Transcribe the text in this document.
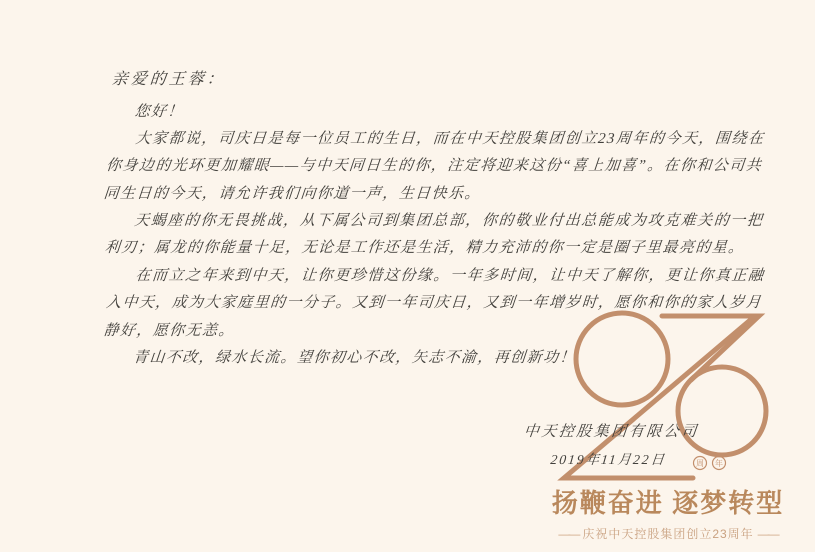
周 年
亲爱的王蓉：

您好！

大家都说，司庆日是每一位员工的生日，而在中天控股集团创立23周年的今天，围绕在你身边的光环更加耀眼——与中天同日生的你，注定将迎来这份“喜上加喜”。在你和公司共同生日的今天，请允许我们向你道一声，生日快乐。

天蝎座的你无畏挑战，从下属公司到集团总部，你的敬业付出总能成为攻克难关的一把利刃；属龙的你能量十足，无论是工作还是生活，精力充沛的你一定是圈子里最亮的星。

在而立之年来到中天，让你更珍惜这份缘。一年多时间，让中天了解你，更让你真正融入中天，成为大家庭里的一分子。又到一年司庆日，又到一年增岁时，愿你和你的家人岁月静好，愿你无恙。

青山不改，绿水长流。望你初心不改，矢志不渝，再创新功！

中天控股集团有限公司
2019年11月22日
扬鞭奋进 逐梦转型
—— 庆祝中天控股集团创立23周年 ——
